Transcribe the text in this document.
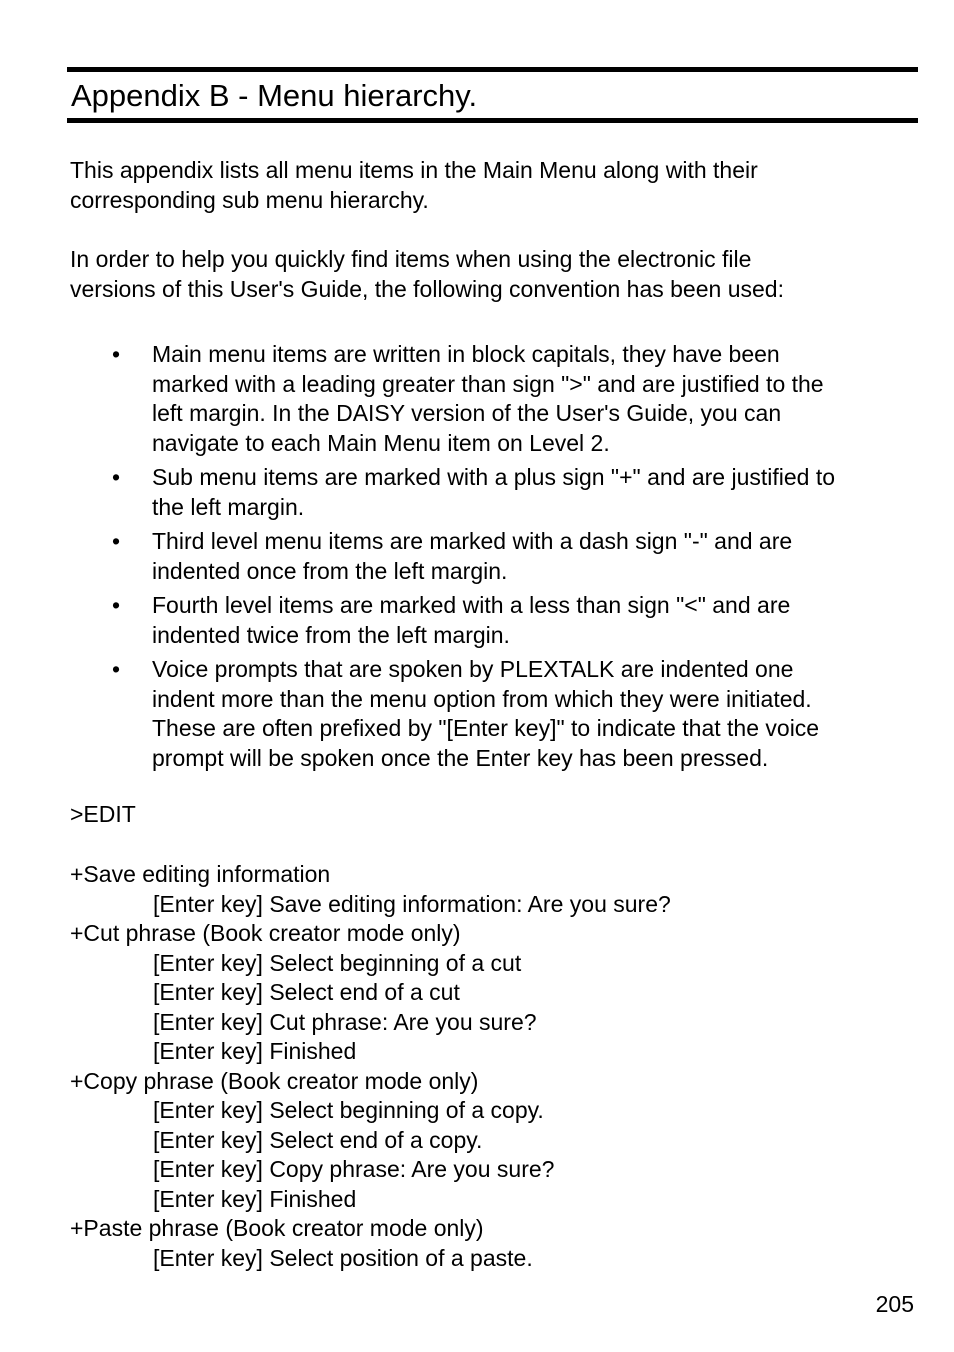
Appendix B - Menu hierarchy.

This appendix lists all menu items in the Main Menu along with their

corresponding sub menu hierarchy.

In order to help you quickly find items when using the electronic file

versions of this User's Guide, the following convention has been used:

• Main menu items are written in block capitals, they have been
marked with a leading greater than sign ">" and are justified to the
left margin. In the DAISY version of the User's Guide, you can
navigate to each Main Menu item on Level 2.
• Sub menu items are marked with a plus sign "+" and are justified to
the left margin.
• Third level menu items are marked with a dash sign "-" and are
indented once from the left margin.
• Fourth level items are marked with a less than sign "<" and are
indented twice from the left margin.
• Voice prompts that are spoken by PLEXTALK are indented one
indent more than the menu option from which they were initiated.
These are often prefixed by "[Enter key]" to indicate that the voice
prompt will be spoken once the Enter key has been pressed.

>EDIT

+Save editing information
[Enter key] Save editing information: Are you sure?
+Cut phrase (Book creator mode only)
[Enter key] Select beginning of a cut
[Enter key] Select end of a cut
[Enter key] Cut phrase: Are you sure?
[Enter key] Finished
+Copy phrase (Book creator mode only)
[Enter key] Select beginning of a copy.
[Enter key] Select end of a copy.
[Enter key] Copy phrase: Are you sure?
[Enter key] Finished
+Paste phrase (Book creator mode only)
[Enter key] Select position of a paste.
205
